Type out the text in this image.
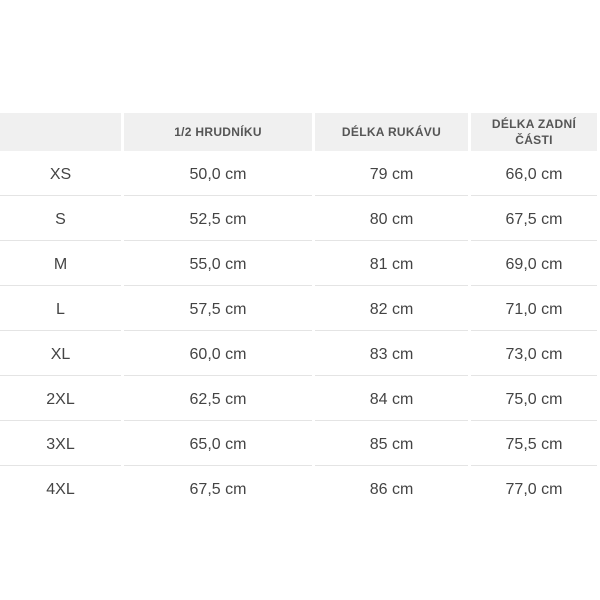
	1/2 HRUDNÍKU	DÉLKA RUKÁVU	DÉLKA ZADNÍ ČÁSTI
XS	50,0 cm	79 cm	66,0 cm
S	52,5 cm	80 cm	67,5 cm
M	55,0 cm	81 cm	69,0 cm
L	57,5 cm	82 cm	71,0 cm
XL	60,0 cm	83 cm	73,0 cm
2XL	62,5 cm	84 cm	75,0 cm
3XL	65,0 cm	85 cm	75,5 cm
4XL	67,5 cm	86 cm	77,0 cm
